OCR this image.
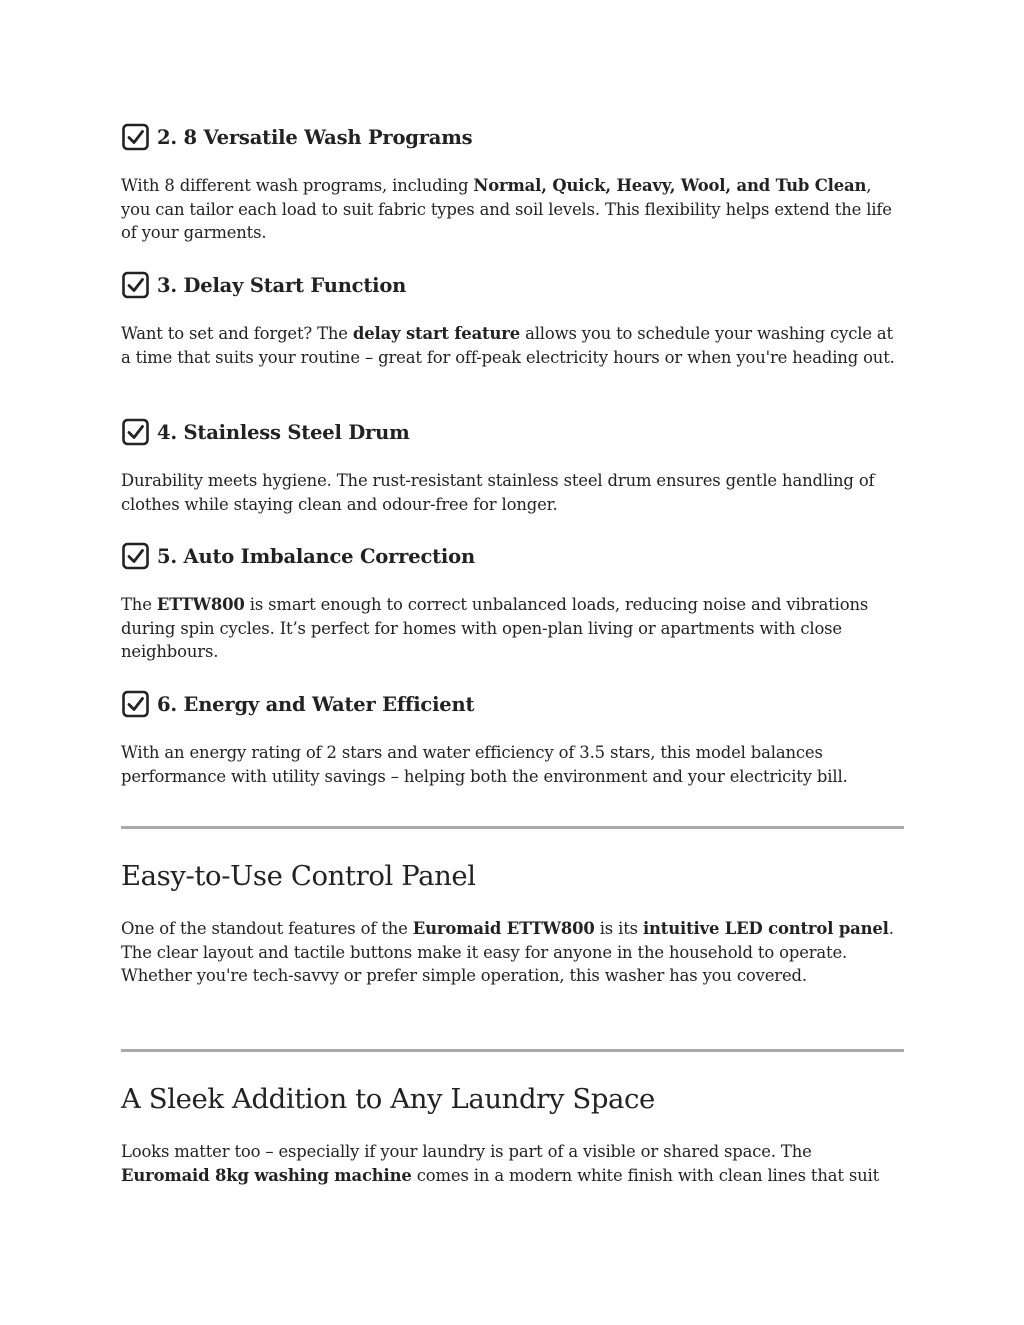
2. 8 Versatile Wash Programs
With 8 different wash programs, including Normal, Quick, Heavy, Wool, and Tub Clean, you can tailor each load to suit fabric types and soil levels. This flexibility helps extend the life of your garments.
3. Delay Start Function
Want to set and forget? The delay start feature allows you to schedule your washing cycle at a time that suits your routine – great for off-peak electricity hours or when you're heading out.
4. Stainless Steel Drum
Durability meets hygiene. The rust-resistant stainless steel drum ensures gentle handling of clothes while staying clean and odour-free for longer.
5. Auto Imbalance Correction
The ETTW800 is smart enough to correct unbalanced loads, reducing noise and vibrations during spin cycles. It’s perfect for homes with open-plan living or apartments with close neighbours.
6. Energy and Water Efficient
With an energy rating of 2 stars and water efficiency of 3.5 stars, this model balances performance with utility savings – helping both the environment and your electricity bill.
Easy-to-Use Control Panel
One of the standout features of the Euromaid ETTW800 is its intuitive LED control panel. The clear layout and tactile buttons make it easy for anyone in the household to operate. Whether you're tech-savvy or prefer simple operation, this washer has you covered.
A Sleek Addition to Any Laundry Space
Looks matter too – especially if your laundry is part of a visible or shared space. The Euromaid 8kg washing machine comes in a modern white finish with clean lines that suit
